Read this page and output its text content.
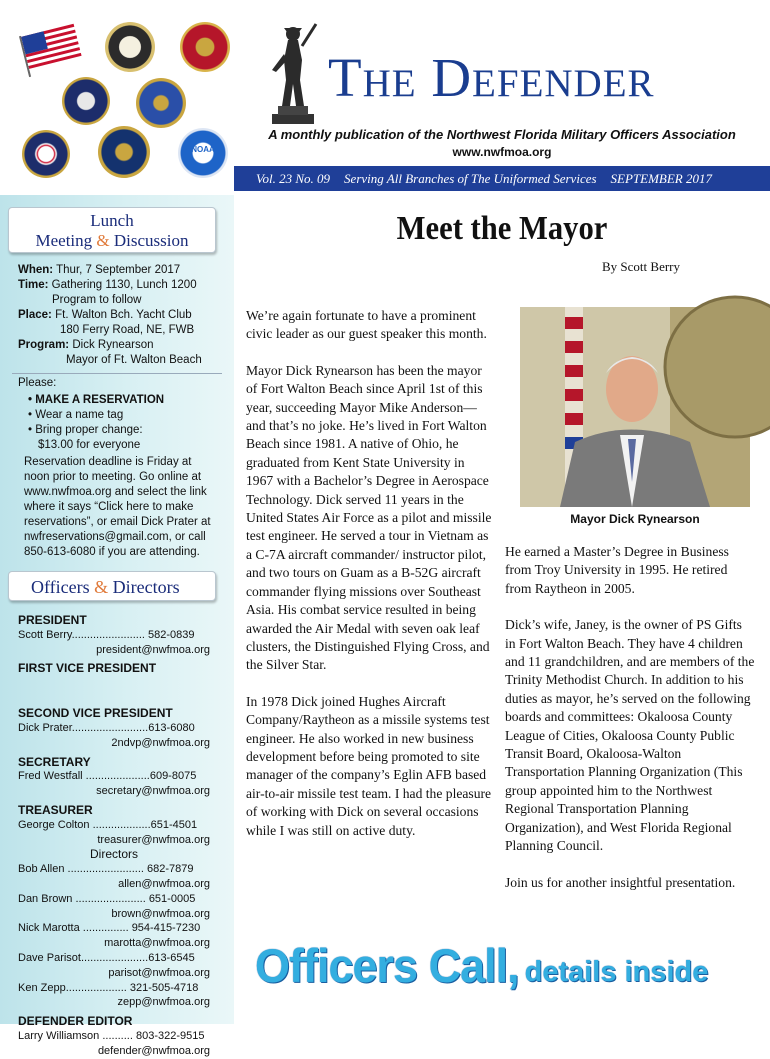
NOAA
The Defender
A monthly publication of the Northwest Florida Military Officers Association
www.nwfmoa.org
Vol. 23 No. 09 Serving All Branches of The Uniformed Services SEPTEMBER 2017
Lunch
Meeting & Discussion
When: Thur, 7 September 2017
Time: Gathering 1130, Lunch 1200
Program to follow
Place: Ft. Walton Bch. Yacht Club
180 Ferry Road, NE, FWB
Program: Dick Rynearson
Mayor of Ft. Walton Beach
Please:
• MAKE A RESERVATION
• Wear a name tag
• Bring proper change:
$13.00 for everyone
Reservation deadline is Friday at noon prior to meeting. Go online at www.nwfmoa.org and select the link where it says “Click here to make reservations”, or email Dick Prater at nwfreservations@gmail.com, or call 850-613-6080 if you are attending.
Officers & Directors
PRESIDENT
Scott Berry........................ 582-0839
president@nwfmoa.org
FIRST VICE PRESIDENT
SECOND VICE PRESIDENT
Dick Prater.........................613-6080
2ndvp@nwfmoa.org
SECRETARY
Fred Westfall .....................609-8075
secretary@nwfmoa.org
TREASURER
George Colton ...................651-4501
treasurer@nwfmoa.org
Directors
Bob Allen ......................... 682-7879
allen@nwfmoa.org
Dan Brown ....................... 651-0005
brown@nwfmoa.org
Nick Marotta ............... 954-415-7230
marotta@nwfmoa.org
Dave Parisot......................613-6545
parisot@nwfmoa.org
Ken Zepp.................... 321-505-4718
zepp@nwfmoa.org
DEFENDER EDITOR
Larry Williamson .......... 803-322-9515
defender@nwfmoa.org
Meet the Mayor
By Scott Berry

We’re again fortunate to have a prominent civic leader as our guest speaker this month.

Mayor Dick Rynearson has been the mayor of Fort Walton Beach since April 1st of this year, succeeding Mayor Mike Anderson—and that’s no joke. He’s lived in Fort Walton Beach since 1981. A native of Ohio, he graduated from Kent State University in 1967 with a Bachelor’s Degree in Aerospace Technology. Dick served 11 years in the United States Air Force as a pilot and missile test engineer. He served a tour in Vietnam as a C-7A aircraft commander/ instructor pilot, and two tours on Guam as a B-52G aircraft commander flying missions over Southeast Asia. His combat service resulted in being awarded the Air Medal with seven oak leaf clusters, the Distinguished Flying Cross, and the Silver Star.

In 1978 Dick joined Hughes Aircraft Company/Raytheon as a missile systems test engineer. He also worked in new business development before being promoted to site manager of the company’s Eglin AFB based air-to-air missile test team. I had the pleasure of working with Dick on several occasions while I was still on active duty.

Mayor Dick Rynearson

He earned a Master’s Degree in Business from Troy University in 1995. He retired from Raytheon in 2005.

Dick’s wife, Janey, is the owner of PS Gifts in Fort Walton Beach. They have 4 children and 11 grandchildren, and are members of the Trinity Methodist Church. In addition to his duties as mayor, he’s served on the following boards and committees: Okaloosa County League of Cities, Okaloosa County Public Transit Board, Okaloosa-Walton Transportation Planning Organization (This group appointed him to the Northwest Regional Transportation Planning Organization), and West Florida Regional Planning Council.

Join us for another insightful presentation.

Officers Call, details inside
